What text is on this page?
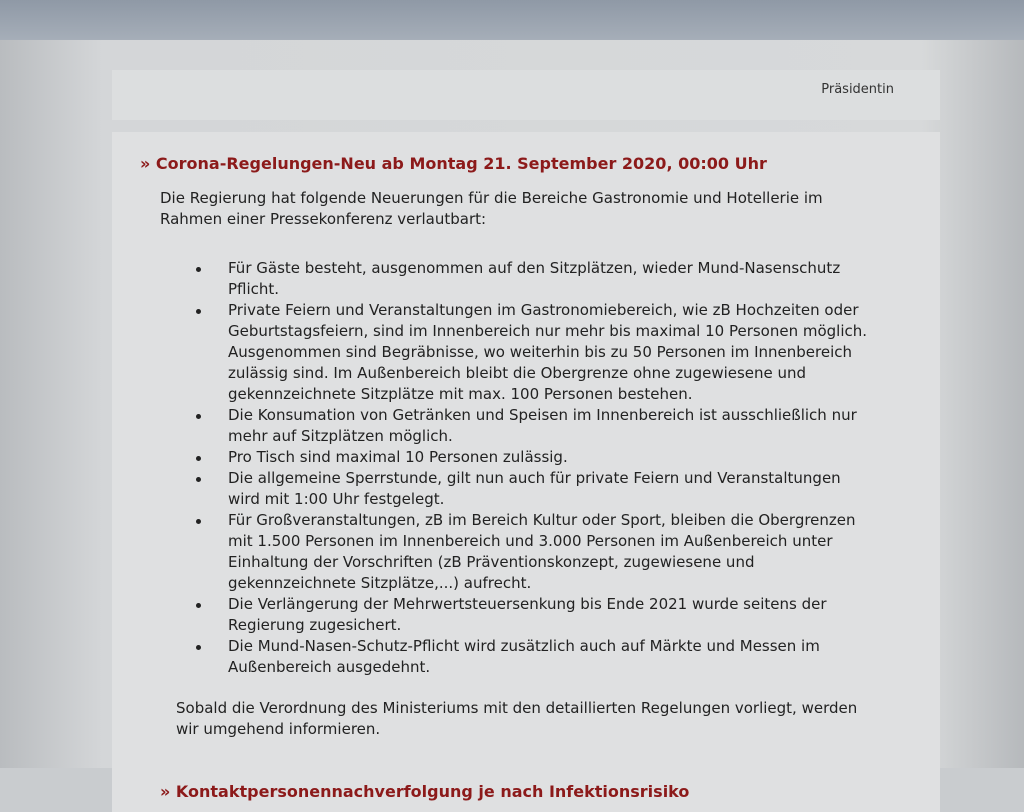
Präsidentin
» Corona-Regelungen-Neu ab Montag 21. September 2020, 00:00 Uhr
Die Regierung hat folgende Neuerungen für die Bereiche Gastronomie und Hotellerie im Rahmen einer Pressekonferenz verlautbart:
Für Gäste besteht, ausgenommen auf den Sitzplätzen, wieder Mund-Nasenschutz Pflicht.
Private Feiern und Veranstaltungen im Gastronomiebereich, wie zB Hochzeiten oder Geburtstagsfeiern, sind im Innenbereich nur mehr bis maximal 10 Personen möglich. Ausgenommen sind Begräbnisse, wo weiterhin bis zu 50 Personen im Innenbereich zulässig sind. Im Außenbereich bleibt die Obergrenze ohne zugewiesene und gekennzeichnete Sitzplätze mit max. 100 Personen bestehen.
Die Konsumation von Getränken und Speisen im Innenbereich ist ausschließlich nur mehr auf Sitzplätzen möglich.
Pro Tisch sind maximal 10 Personen zulässig.
Die allgemeine Sperrstunde, gilt nun auch für private Feiern und Veranstaltungen wird mit 1:00 Uhr festgelegt.
Für Großveranstaltungen, zB im Bereich Kultur oder Sport, bleiben die Obergrenzen mit 1.500 Personen im Innenbereich und 3.000 Personen im Außenbereich unter Einhaltung der Vorschriften (zB Präventionskonzept, zugewiesene und gekennzeichnete Sitzplätze,...) aufrecht.
Die Verlängerung der Mehrwertsteuersenkung bis Ende 2021 wurde seitens der Regierung zugesichert.
Die Mund-Nasen-Schutz-Pflicht wird zusätzlich auch auf Märkte und Messen im Außenbereich ausgedehnt.
Sobald die Verordnung des Ministeriums mit den detaillierten Regelungen vorliegt, werden wir umgehend informieren.
» Kontaktpersonennachverfolgung je nach Infektionsrisiko
